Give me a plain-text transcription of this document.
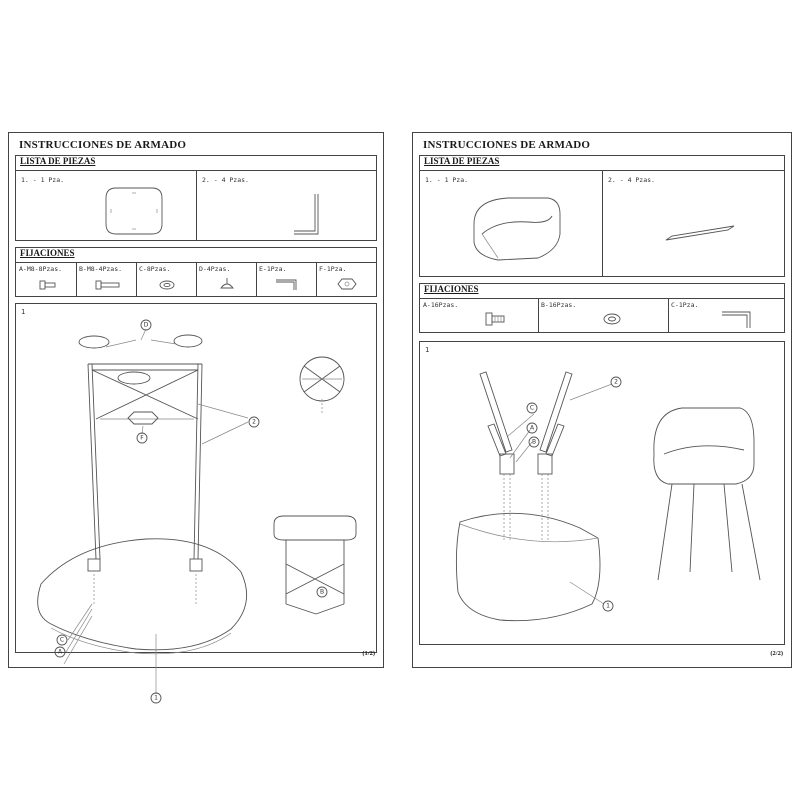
INSTRUCCIONES DE ARMADO
LISTA DE PIEZAS
1. - 1 Pza.	2. - 4 Pzas.
FIJACIONES
A-M8-8Pzas.	B-M8-4Pzas.	C-8Pzas.	D-4Pzas.	E-1Pza.	F-1Pza.
1
D
2
F
B
C
A
1
(1/2)
INSTRUCCIONES DE ARMADO
LISTA DE PIEZAS
1. - 1 Pza.	2. - 4 Pzas.
FIJACIONES
A-16Pzas.	B-16Pzas.	C-1Pza.
1
C
A
B
2
1
(2/2)
